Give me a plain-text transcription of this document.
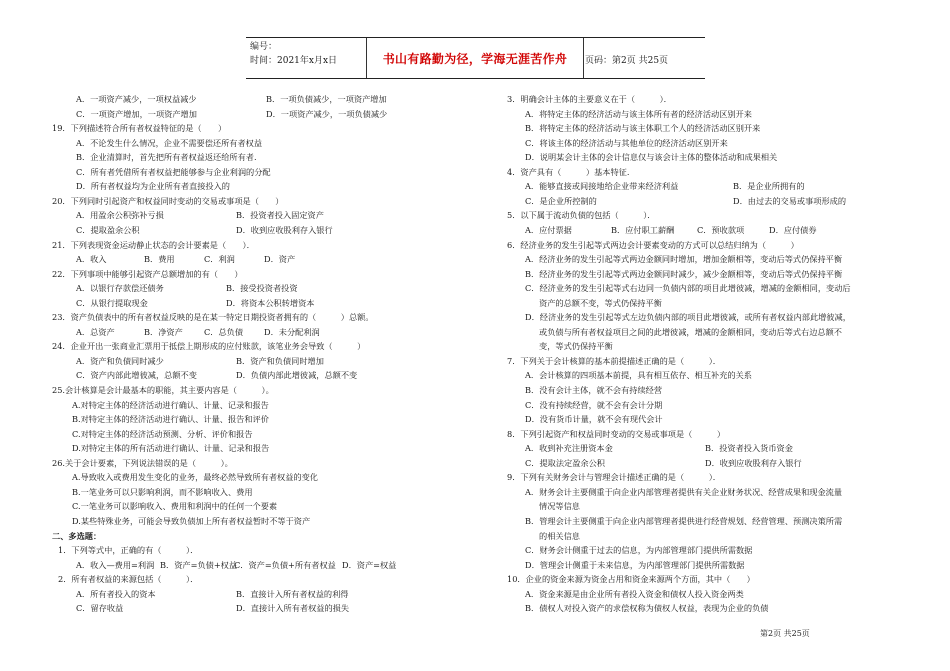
编号：
时间：2021年x月x日	书山有路勤为径，学海无涯苦作舟	页码：第2页 共25页
A．一项资产减少，一项权益减少	B．一项负债减少，一项资产增加
C．一项资产增加，一项资产增加	D．一项资产减少，一项负债减少
19．下列描述符合所有者权益特征的是（　　）
A．不论发生什么情况，企业不需要偿还所有者权益
B．企业清算时，首先把所有者权益返还给所有者.
C．所有者凭借所有者权益把能够参与企业利润的分配
D．所有者权益均为企业所有者直接投入的
20．下列同时引起资产和权益同时变动的交易或事项是（　　）
A．用盈余公积弥补亏损	B．投资者投入固定资产
C．提取盈余公积	D．收到应收股利存入银行
21．下列表现资金运动静止状态的会计要素是（　　）．
A．收入	B．费用	C．利润	D．资产
22．下列事项中能够引起资产总额增加的有（　　）
A．以银行存款偿还债务	B．接受投资者投资
C．从银行提取现金	D．将资本公积转增资本
23．资产负债表中的所有者权益反映的是在某一特定日期投资者拥有的（　　　）总额。
A．总资产	B．净资产	C．总负债	D．未分配利润
24．企业开出一张商业汇票用于抵偿上期形成的应付账款，该笔业务会导致（　　　）
A．资产和负债同时减少	B．资产和负债同时增加
C．资产内部此增彼减，总额不变	D．负债内部此增彼减，总额不变
25.会计核算是会计最基本的职能，其主要内容是（　　　）。
A.对特定主体的经济活动进行确认、计量、记录和报告
B.对特定主体的经济活动进行确认、计量、报告和评价
C.对特定主体的经济活动预测、分析、评价和报告
D.对特定主体的所有活动进行确认、计量、记录和报告
26.关于会计要素，下列说法错误的是（　　　）。
A.导致收入或费用发生变化的业务，最终必然导致所有者权益的变化
B.一笔业务可以只影响利润，而不影响收入、费用
C.一笔业务可以影响收入、费用和利润中的任何一个要素
D.某些特殊业务，可能会导致负债加上所有者权益暂时不等于资产
二、多选题：
1．下列等式中，正确的有（　　　）．
A．收入—费用=利润 B．资产=负债+权益
C．资产=负债+所有者权益 D．资产=权益
2．所有者权益的来源包括（　　　）．
A．所有者投入的资本	B．直接计入所有者权益的利得
C．留存收益	D．直接计入所有者权益的损失
3．明确会计主体的主要意义在于（　　　）．
A．将特定主体的经济活动与该主体所有者的经济活动区别开来
B．将特定主体的经济活动与该主体职工个人的经济活动区别开来
C．将该主体的经济活动与其他单位的经济活动区别开来
D．说明某会计主体的会计信息仅与该会计主体的整体活动和成果相关
4．资产具有（　　　）基本特征.
A．能够直接或间接地给企业带来经济利益	B．是企业所拥有的
C．是企业所控制的	D．由过去的交易或事项形成的
5．以下属于流动负债的包括（　　　）．
A．应付票据	B．应付职工薪酬	C．预收款项	D．应付债券
6．经济业务的发生引起等式两边会计要素变动的方式可以总结归纳为（　　　）
A．经济业务的发生引起等式两边金额同时增加，增加金额相等，变动后等式仍保持平衡
B．经济业务的发生引起等式两边金额同时减少，减少金额相等，变动后等式仍保持平衡
C．经济业务的发生引起等式右边同一负债内部的项目此增彼减，增减的金额相同，变动后
资产的总额不变，等式仍保持平衡
D．经济业务的发生引起等式左边负债内部的项目此增彼减，或所有者权益内部此增彼减，
或负债与所有者权益项目之间的此增彼减，增减的金额相同，变动后等式右边总额不
变，等式仍保持平衡
7．下列关于会计核算的基本前提描述正确的是（　　　）．
A．会计核算的四项基本前提，具有相互依存、相互补充的关系
B．没有会计主体，就不会有持续经营
C．没有持续经营，就不会有会计分期
D．没有货币计量，就不会有现代会计
8．下列引起资产和权益同时变动的交易或事项是（　　　）
A．收到补充注册资本金	B．投资者投入货币资金
C．提取法定盈余公积	D．收到应收股利存入银行
9．下列有关财务会计与管理会计描述正确的是（　　　）．
A．财务会计主要侧重于向企业内部管理者提供有关企业财务状况、经营成果和现金流量
情况等信息
B．管理会计主要侧重于向企业内部管理者提供进行经营规划、经营管理、预测决策所需
的相关信息
C．财务会计侧重于过去的信息，为内部管理部门提供所需数据
D．管理会计侧重于未来信息，为内部管理部门提供所需数据
10．企业的资金来源为资金占用和资金来源两个方面，其中（　　）
A．资金来源是由企业所有者投入资金和债权人投入资金两类
B．债权人对投入资产的求偿权称为债权人权益，表现为企业的负债
第2页 共25页
